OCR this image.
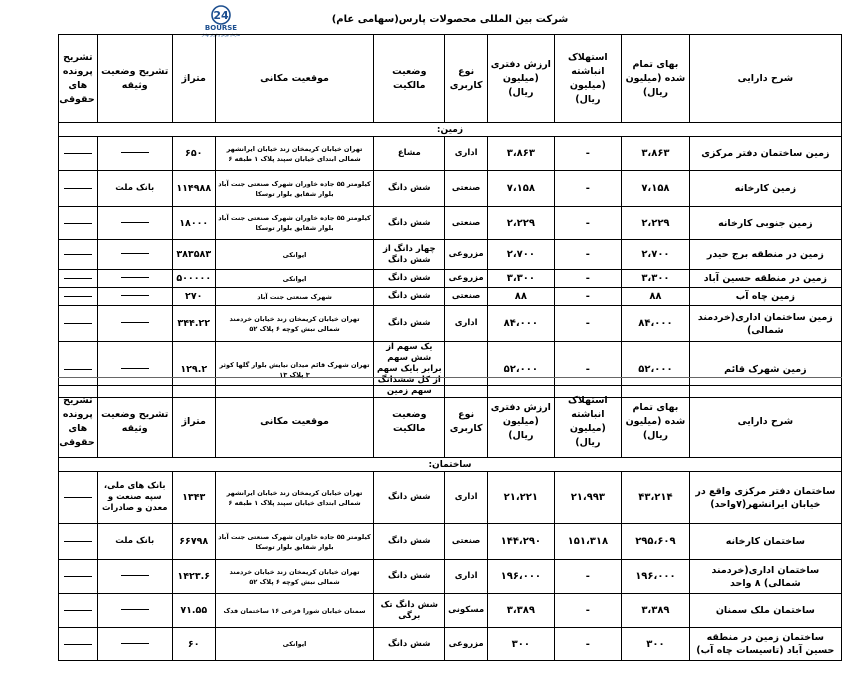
24
BOURSE
سازمان بورس و اوراق بهادار
شرکت بین المللی محصولات پارس(سهامی عام)
شرح دارایی	بهای تمام شده (میلیون ریال)	استهلاک انباشته (میلیون ریال)	ارزش دفتری (میلیون ریال)	نوع کاربری	وضعیت مالکیت	موقعیت مکانی	متراژ	تشریح وضعیت وثیقه	تشریح پرونده های حقوقی
زمین:									
زمین ساختمان دفتر مرکزی	۳،۸۶۳	-	۳،۸۶۳	اداری	مشاع	تهران خیابان کریمخان زند خیابان ایرانشهر شمالی ابتدای خیابان سپند پلاک ۱ طبقه ۶	۶۵۰		
زمین کارخانه	۷،۱۵۸	-	۷،۱۵۸	صنعتی	شش دانگ	کیلومتر ۵۵ جاده خاوران شهرک صنعتی جنت آباد بلوار شقایق بلوار توسکا	۱۱۴۹۸۸	بانک ملت	
زمین جنوبی کارخانه	۲،۲۲۹	-	۲،۲۲۹	صنعتی	شش دانگ	کیلومتر ۵۵ جاده خاوران شهرک صنعتی جنت آباد بلوار شقایق بلوار توسکا	۱۸۰۰۰		
زمین در منطقه برج حیدر	۲،۷۰۰	-	۲،۷۰۰	مزروعی	چهار دانگ از شش دانگ	ایوانکی	۳۸۳۵۸۳		
زمین در منطقه حسین آباد	۳،۳۰۰	-	۳،۳۰۰	مزروعی	شش دانگ	ایوانکی	۵۰۰۰۰۰		
زمین چاه آب	۸۸	-	۸۸	صنعتی	شش دانگ	شهرک صنعتی جنت آباد	۲۷۰		
زمین ساختمان اداری(خردمند شمالی)	۸۴،۰۰۰	-	۸۴،۰۰۰	اداری	شش دانگ	تهران خیابان کریمخان زند خیابان خردمند شمالی نبش کوچه ۶ پلاک ۵۲	۳۴۴.۲۲		
زمین شهرک قائم	۵۲،۰۰۰	-	۵۲،۰۰۰		یک سهم از شش سهم برابر بایک سهم از کل ششدانگ سهم زمین	تهران شهرک قائم میدان نیایش بلوار گلها کوثر ۳ پلاک ۱۳	۱۲۹.۲		
شرح دارایی	بهای تمام شده (میلیون ریال)	استهلاک انباشته (میلیون ریال)	ارزش دفتری (میلیون ریال)	نوع کاربری	وضعیت مالکیت	موقعیت مکانی	متراژ	تشریح وضعیت وثیقه	تشریح پرونده های حقوقی
ساختمان:									
ساختمان دفتر مرکزی واقع در خیابان ایرانشهر(۷واحد)	۴۳،۲۱۴	۲۱،۹۹۳	۲۱،۲۲۱	اداری	شش دانگ	تهران خیابان کریمخان زند خیابان ایرانشهر شمالی ابتدای خیابان سپند پلاک ۱ طبقه ۶	۱۳۴۳	بانک های ملی، سپه صنعت و معدن و صادرات	
ساختمان کارخانه	۲۹۵،۶۰۹	۱۵۱،۳۱۸	۱۴۴،۲۹۰	صنعتی	شش دانگ	کیلومتر ۵۵ جاده خاوران شهرک صنعتی جنت آباد بلوار شقایق بلوار توسکا	۶۶۷۹۸	بانک ملت	
ساختمان اداری(خردمند شمالی) ۸ واحد	۱۹۶،۰۰۰	-	۱۹۶،۰۰۰	اداری	شش دانگ	تهران خیابان کریمخان زند خیابان خردمند شمالی نبش کوچه ۶ پلاک ۵۲	۱۴۲۳.۶		
ساختمان ملک سمنان	۳،۳۸۹	-	۳،۳۸۹	مسکونی	شش دانگ تک برگی	سمنان خیابان شورا فرعی ۱۶ ساختمان فدک	۷۱.۵۵		
ساختمان زمین در منطقه حسین آباد (تاسیسات چاه آب)	۳۰۰	-	۳۰۰	مزروعی	شش دانگ	ایوانکی	۶۰		
